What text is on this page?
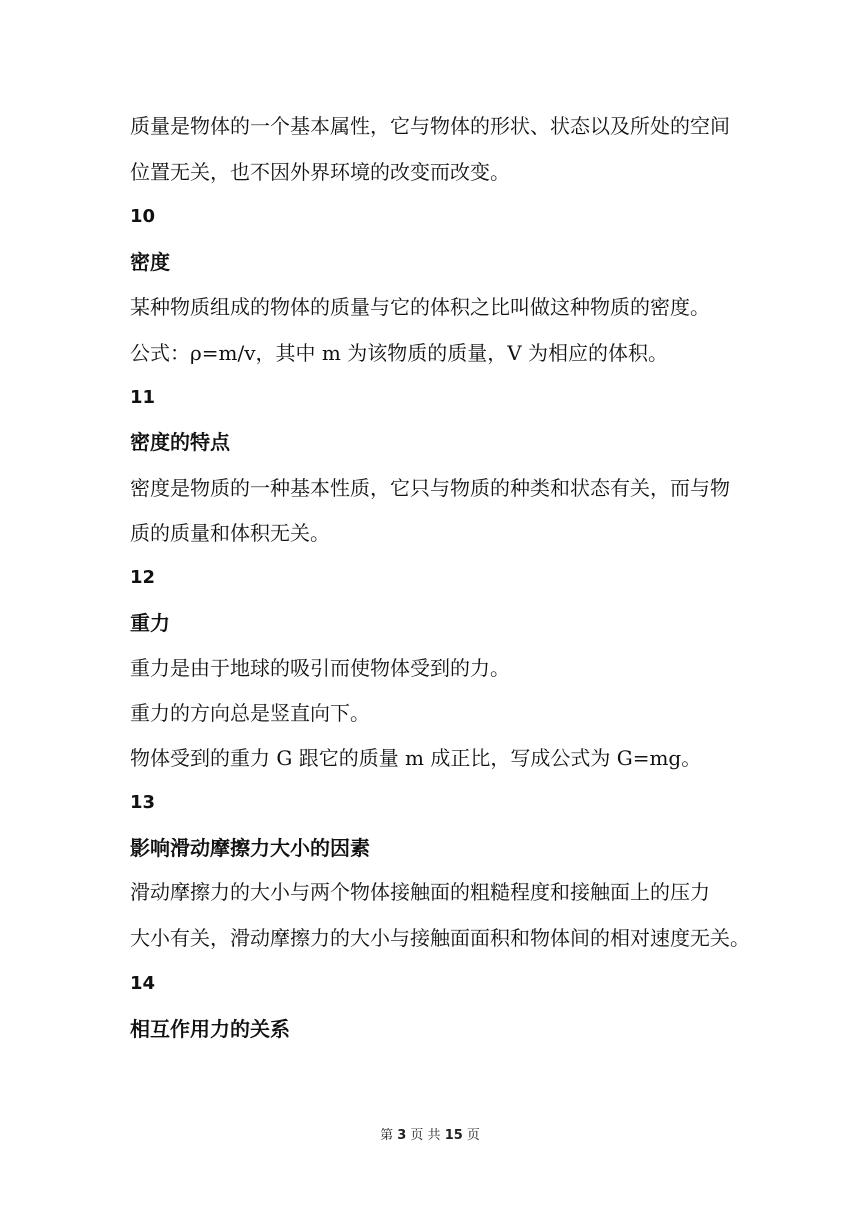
质量是物体的一个基本属性，它与物体的形状、状态以及所处的空间
位置无关，也不因外界环境的改变而改变。
10
密度
某种物质组成的物体的质量与它的体积之比叫做这种物质的密度。
公式：ρ=m/v，其中 m 为该物质的质量，V 为相应的体积。
11
密度的特点
密度是物质的一种基本性质，它只与物质的种类和状态有关，而与物
质的质量和体积无关。
12
重力
重力是由于地球的吸引而使物体受到的力。
重力的方向总是竖直向下。
物体受到的重力 G 跟它的质量 m 成正比，写成公式为 G=mg。
13
影响滑动摩擦力大小的因素
滑动摩擦力的大小与两个物体接触面的粗糙程度和接触面上的压力
大小有关，滑动摩擦力的大小与接触面面积和物体间的相对速度无关。
14
相互作用力的关系
第 3 页 共 15 页
